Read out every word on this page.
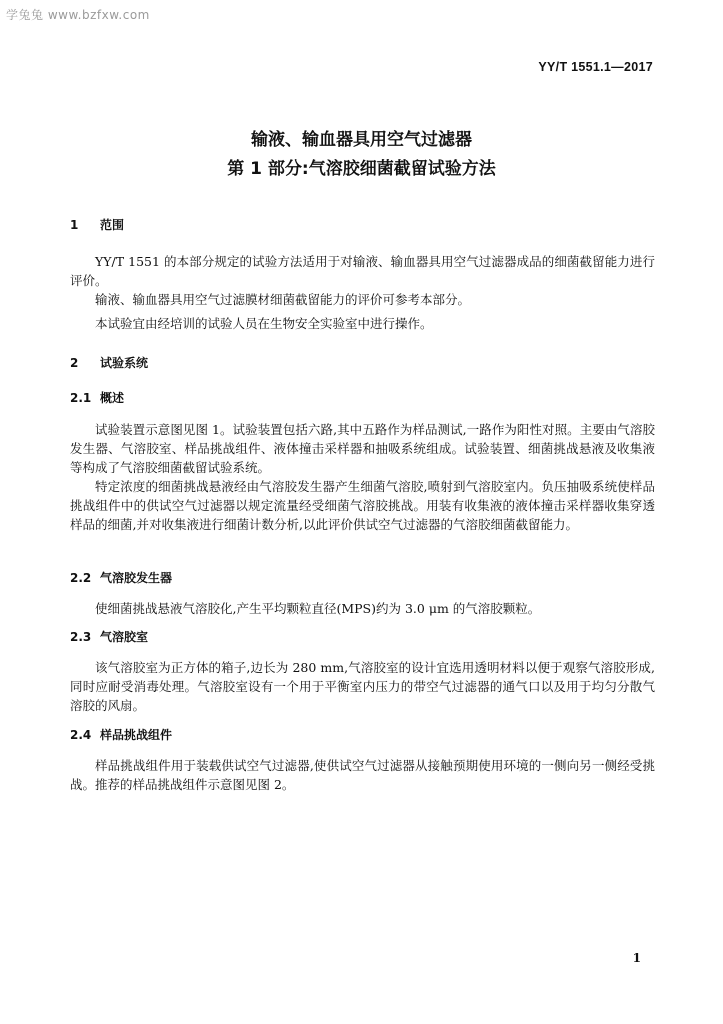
学兔兔 www.bzfxw.com
YY/T 1551.1—2017
输液、输血器具用空气过滤器
第 1 部分:气溶胶细菌截留试验方法
1 范围
YY/T 1551 的本部分规定的试验方法适用于对输液、输血器具用空气过滤器成品的细菌截留能力进行评价。
输液、输血器具用空气过滤膜材细菌截留能力的评价可参考本部分。
本试验宜由经培训的试验人员在生物安全实验室中进行操作。
2 试验系统
2.1 概述
试验装置示意图见图 1。试验装置包括六路,其中五路作为样品测试,一路作为阳性对照。主要由气溶胶发生器、气溶胶室、样品挑战组件、液体撞击采样器和抽吸系统组成。试验装置、细菌挑战悬液及收集液等构成了气溶胶细菌截留试验系统。
特定浓度的细菌挑战悬液经由气溶胶发生器产生细菌气溶胶,喷射到气溶胶室内。负压抽吸系统使样品挑战组件中的供试空气过滤器以规定流量经受细菌气溶胶挑战。用装有收集液的液体撞击采样器收集穿透样品的细菌,并对收集液进行细菌计数分析,以此评价供试空气过滤器的气溶胶细菌截留能力。
2.2 气溶胶发生器
使细菌挑战悬液气溶胶化,产生平均颗粒直径(MPS)约为 3.0 μm 的气溶胶颗粒。
2.3 气溶胶室
该气溶胶室为正方体的箱子,边长为 280 mm,气溶胶室的设计宜选用透明材料以便于观察气溶胶形成,同时应耐受消毒处理。气溶胶室设有一个用于平衡室内压力的带空气过滤器的通气口以及用于均匀分散气溶胶的风扇。
2.4 样品挑战组件
样品挑战组件用于装载供试空气过滤器,使供试空气过滤器从接触预期使用环境的一侧向另一侧经受挑战。推荐的样品挑战组件示意图见图 2。
1
